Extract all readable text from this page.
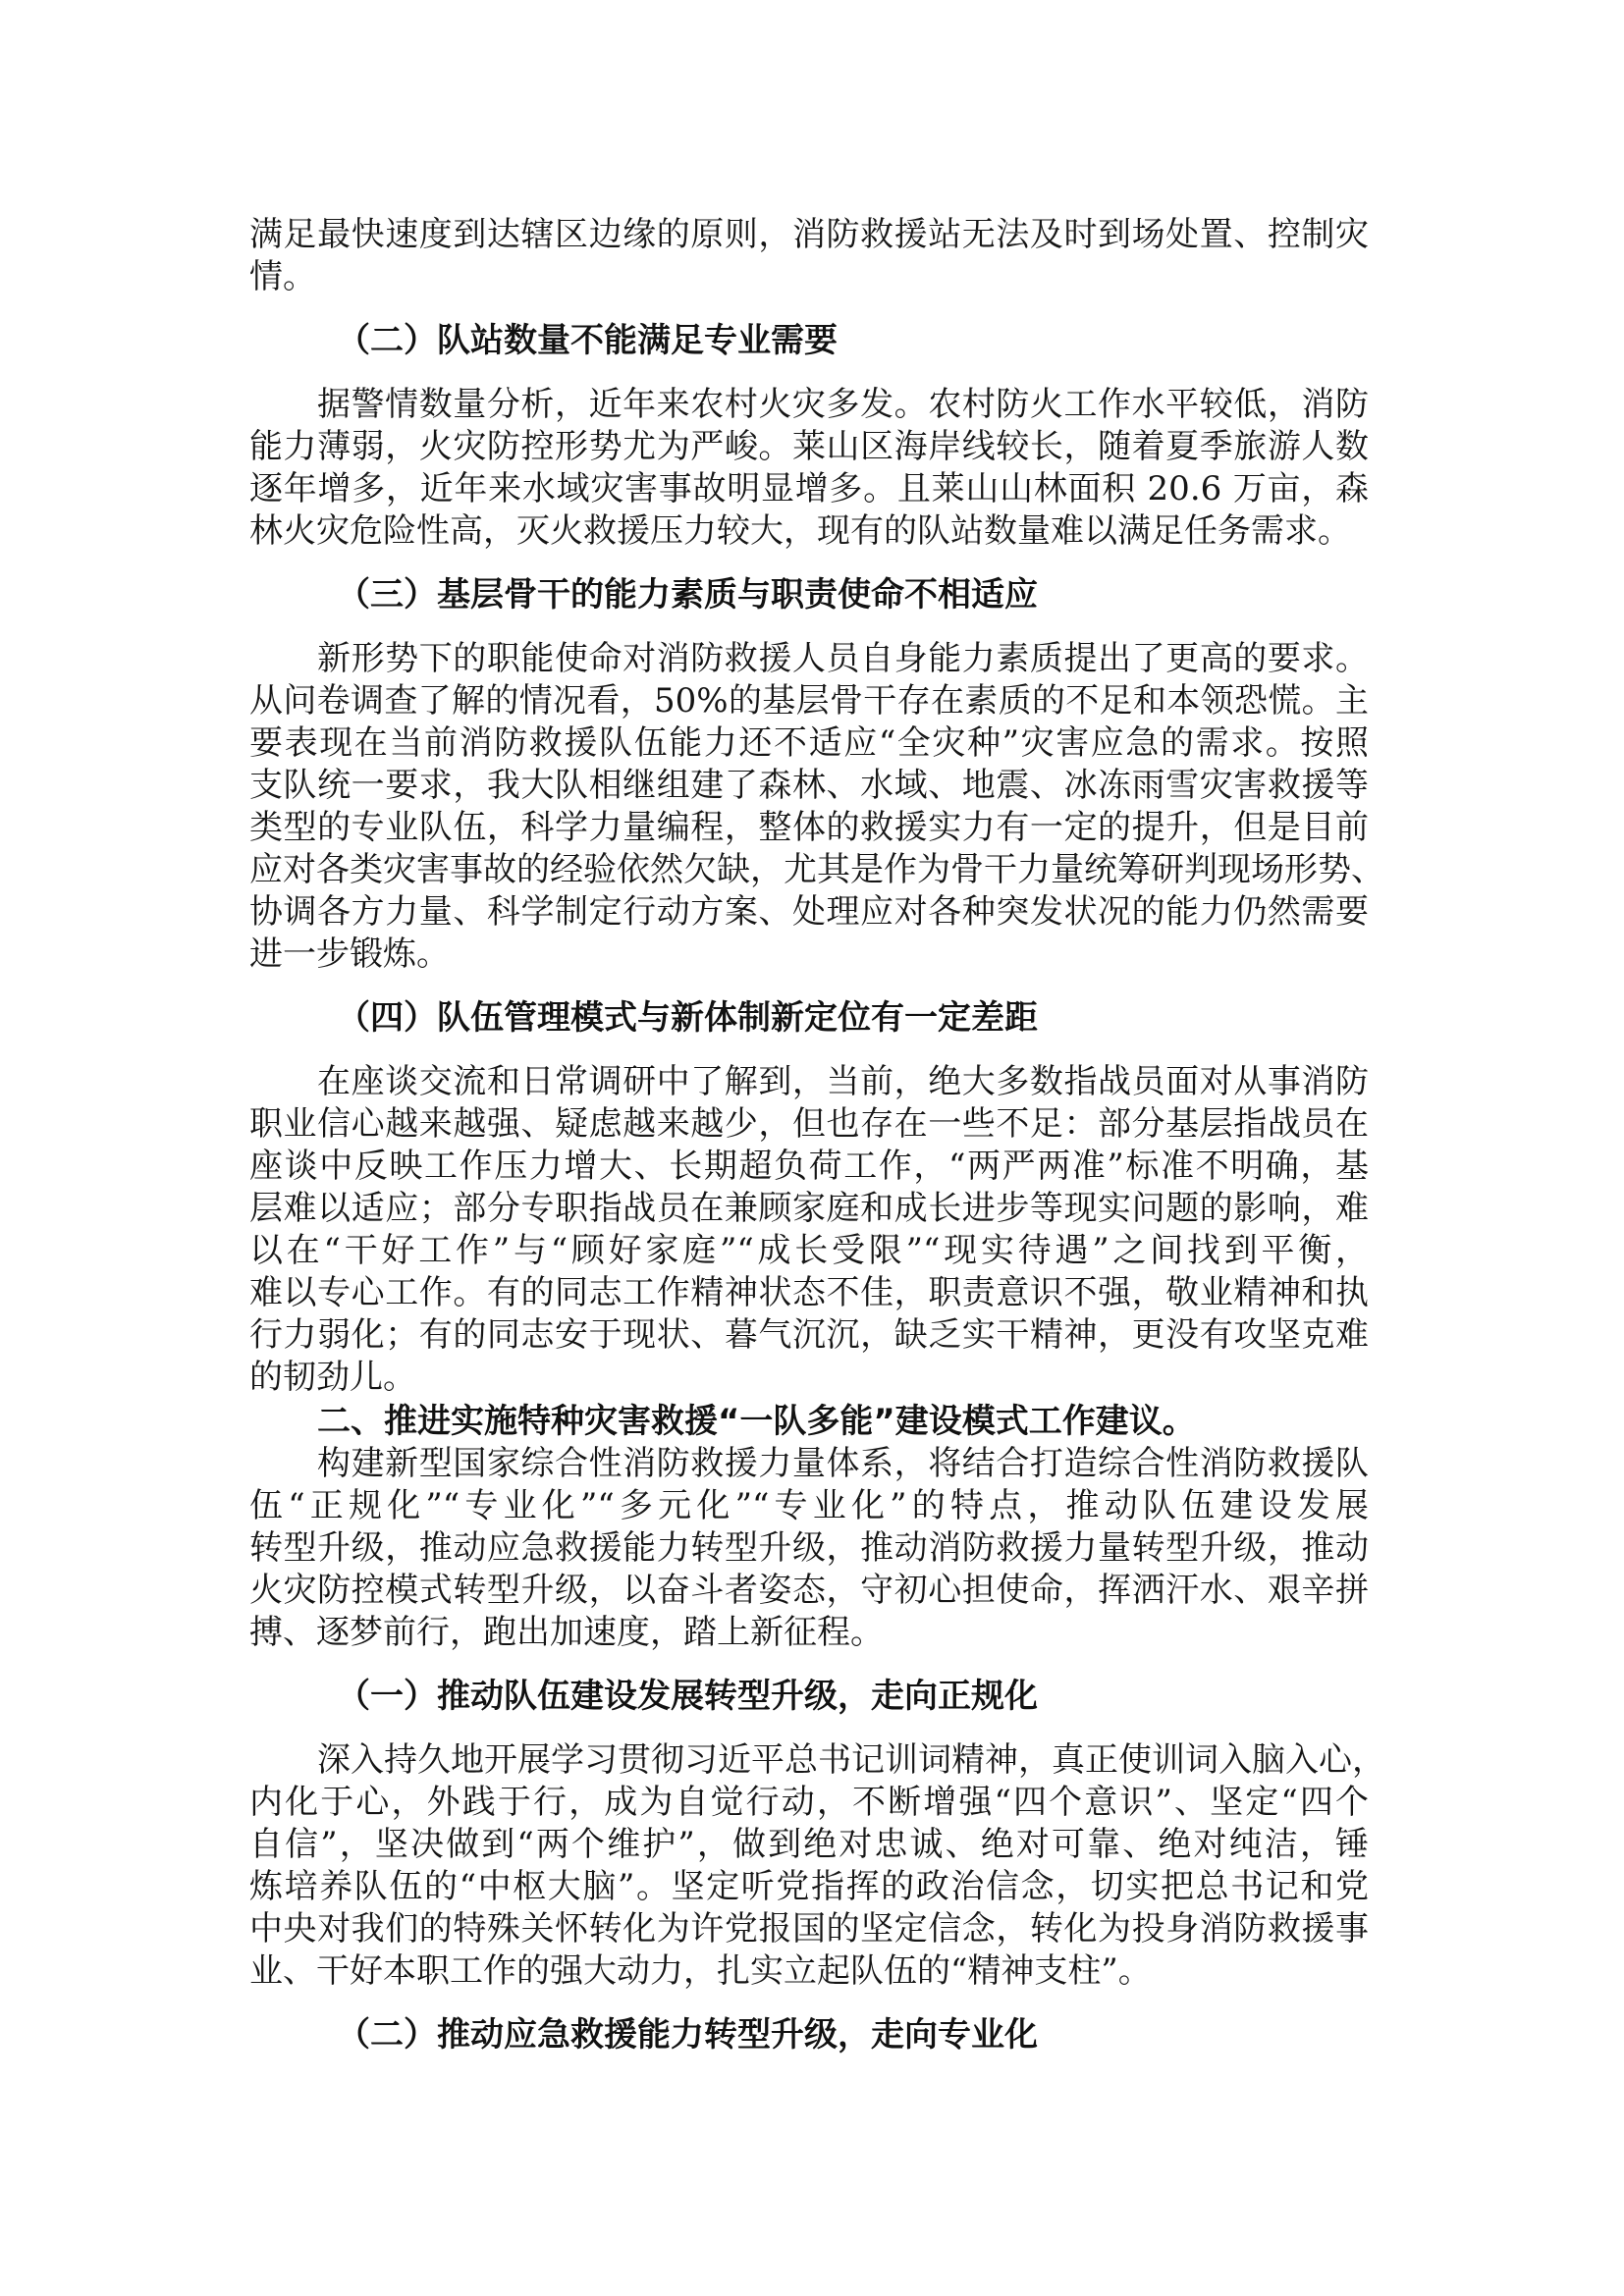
满足最快速度到达辖区边缘的原则，消防救援站无法及时到场处置、控制灾
情。
（二）队站数量不能满足专业需要
据警情数量分析，近年来农村火灾多发。农村防火工作水平较低，消防
能力薄弱，火灾防控形势尤为严峻。莱山区海岸线较长，随着夏季旅游人数
逐年增多，近年来水域灾害事故明显增多。且莱山山林面积 20.6 万亩，森
林火灾危险性高，灭火救援压力较大，现有的队站数量难以满足任务需求。
（三）基层骨干的能力素质与职责使命不相适应
新形势下的职能使命对消防救援人员自身能力素质提出了更高的要求。
从问卷调查了解的情况看，50%的基层骨干存在素质的不足和本领恐慌。主
要表现在当前消防救援队伍能力还不适应“全灾种”灾害应急的需求。按照
支队统一要求，我大队相继组建了森林、水域、地震、冰冻雨雪灾害救援等
类型的专业队伍，科学力量编程，整体的救援实力有一定的提升，但是目前
应对各类灾害事故的经验依然欠缺，尤其是作为骨干力量统筹研判现场形势、
协调各方力量、科学制定行动方案、处理应对各种突发状况的能力仍然需要
进一步锻炼。
（四）队伍管理模式与新体制新定位有一定差距
在座谈交流和日常调研中了解到，当前，绝大多数指战员面对从事消防
职业信心越来越强、疑虑越来越少，但也存在一些不足：部分基层指战员在
座谈中反映工作压力增大、长期超负荷工作，“两严两准”标准不明确，基
层难以适应；部分专职指战员在兼顾家庭和成长进步等现实问题的影响，难
以在“干好工作”与“顾好家庭”“成长受限”“现实待遇”之间找到平衡，
难以专心工作。有的同志工作精神状态不佳，职责意识不强，敬业精神和执
行力弱化；有的同志安于现状、暮气沉沉，缺乏实干精神，更没有攻坚克难
的韧劲儿。
二、推进实施特种灾害救援“一队多能”建设模式工作建议。
构建新型国家综合性消防救援力量体系，将结合打造综合性消防救援队
伍“正规化”“专业化”“多元化”“专业化”的特点，推动队伍建设发展
转型升级，推动应急救援能力转型升级，推动消防救援力量转型升级，推动
火灾防控模式转型升级，以奋斗者姿态，守初心担使命，挥洒汗水、艰辛拼
搏、逐梦前行，跑出加速度，踏上新征程。
（一）推动队伍建设发展转型升级，走向正规化
深入持久地开展学习贯彻习近平总书记训词精神，真正使训词入脑入心，
内化于心，外践于行，成为自觉行动，不断增强“四个意识”、坚定“四个
自信”，坚决做到“两个维护”，做到绝对忠诚、绝对可靠、绝对纯洁，锤
炼培养队伍的“中枢大脑”。坚定听党指挥的政治信念，切实把总书记和党
中央对我们的特殊关怀转化为许党报国的坚定信念，转化为投身消防救援事
业、干好本职工作的强大动力，扎实立起队伍的“精神支柱”。
（二）推动应急救援能力转型升级，走向专业化
